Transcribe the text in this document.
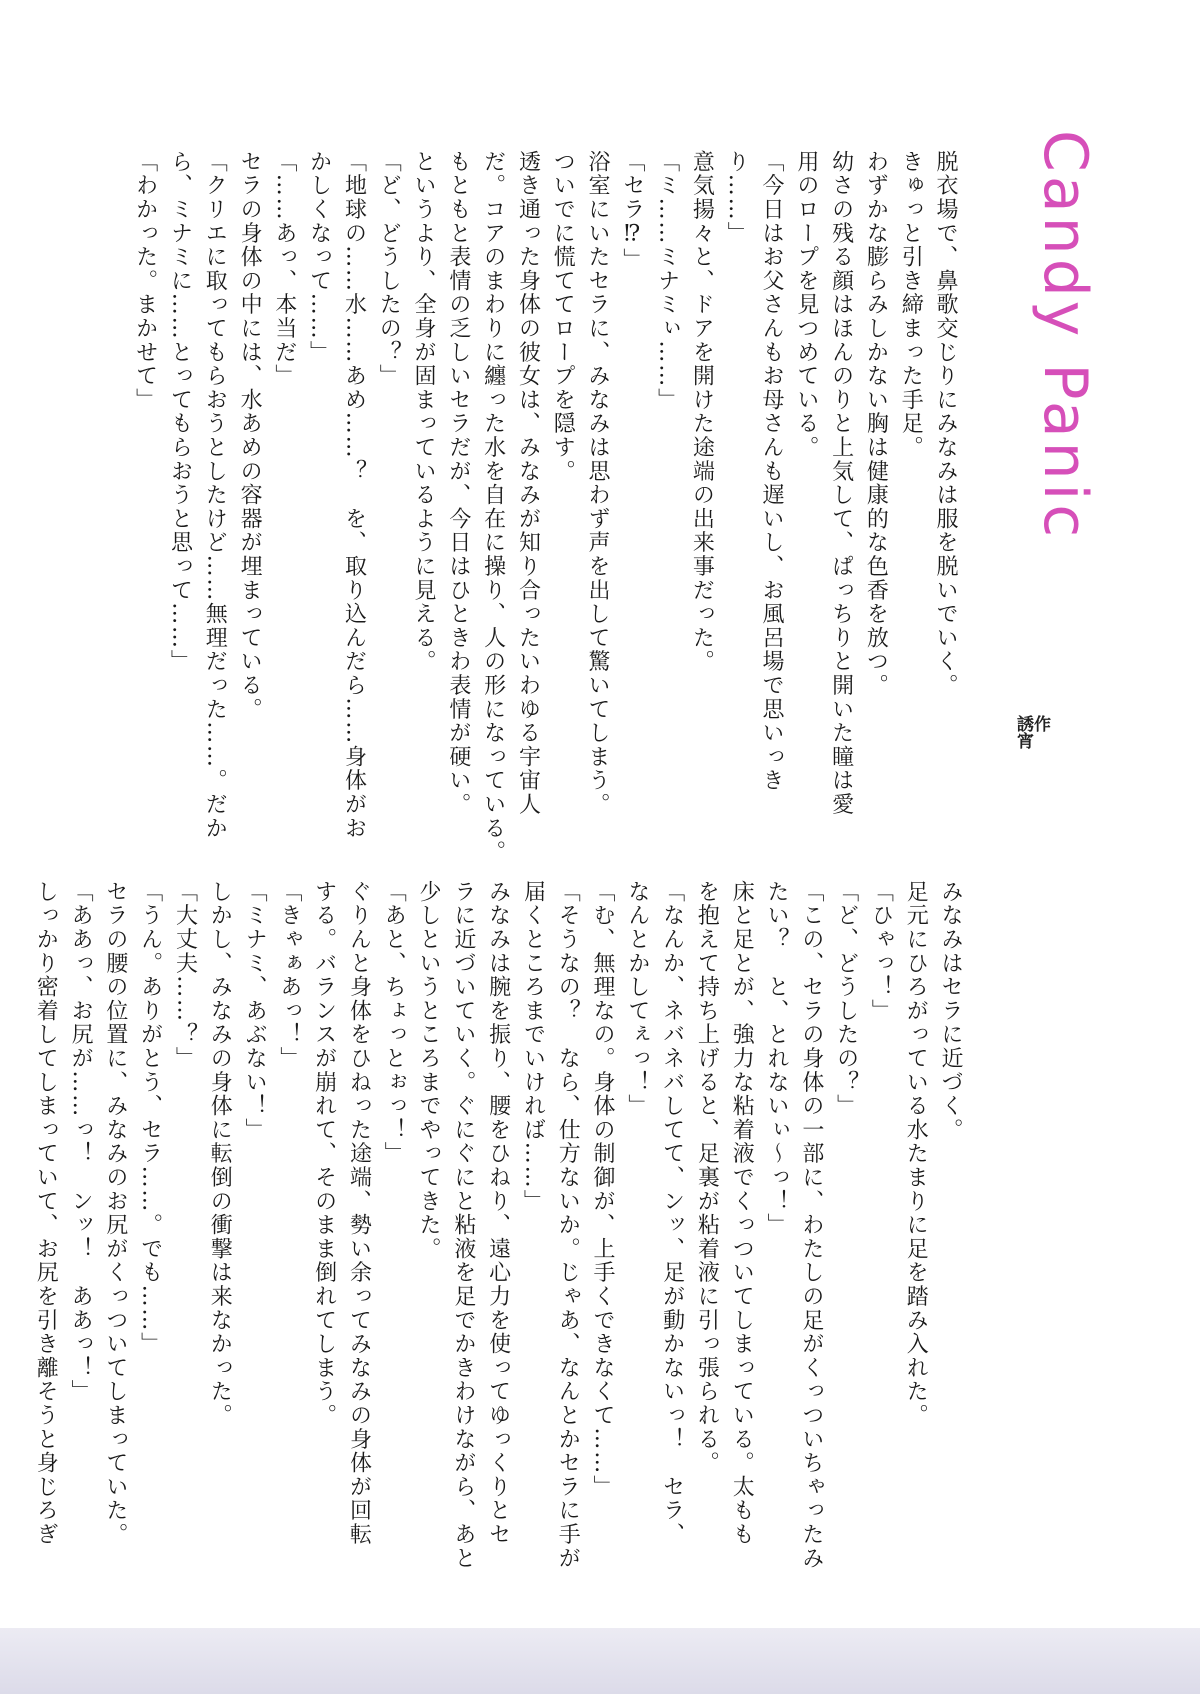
Candy Panic
作
誘宵

脱衣場で、鼻歌交じりにみなみは服を脱いでいく。

きゅっと引き締まった手足。

わずかな膨らみしかない胸は健康的な色香を放つ。

幼さの残る顔はほんのりと上気して、ぱっちりと開いた瞳は愛

用のロープを見つめている。

「今日はお父さんもお母さんも遅いし、お風呂場で思いっき

り……」

意気揚々と、ドアを開けた途端の出来事だった。

「ミ……ミナミぃ……」

「セラ⁉」

浴室にいたセラに、みなみは思わず声を出して驚いてしまう。

ついでに慌ててロープを隠す。

透き通った身体の彼女は、みなみが知り合ったいわゆる宇宙人

だ。コアのまわりに纏った水を自在に操り、人の形になっている。

もともと表情の乏しいセラだが、今日はひときわ表情が硬い。

というより、全身が固まっているように見える。

「ど、どうしたの？」

「地球の……水……あめ……？　を、取り込んだら……身体がお

かしくなって……」

「……あっ、本当だ」

セラの身体の中には、水あめの容器が埋まっている。

「クリエに取ってもらおうとしたけど……無理だった……。だか

ら、ミナミに……とってもらおうと思って……」

「わかった。まかせて」

みなみはセラに近づく。

足元にひろがっている水たまりに足を踏み入れた。

「ひゃっ！」

「ど、どうしたの？」

「この、セラの身体の一部に、わたしの足がくっついちゃったみ

たい？　と、とれないぃ〜っ！」

床と足とが、強力な粘着液でくっついてしまっている。太もも

を抱えて持ち上げると、足裏が粘着液に引っ張られる。

「なんか、ネバネバしてて、ンッ、足が動かないっ！　セラ、

なんとかしてぇっ！」

「む、無理なの。身体の制御が、上手くできなくて……」

「そうなの？　なら、仕方ないか。じゃあ、なんとかセラに手が

届くところまでいければ……」

みなみは腕を振り、腰をひねり、遠心力を使ってゆっくりとセ

ラに近づいていく。ぐにぐにと粘液を足でかきわけながら、あと

少しというところまでやってきた。

「あと、ちょっとぉっ！」

ぐりんと身体をひねった途端、勢い余ってみなみの身体が回転

する。バランスが崩れて、そのまま倒れてしまう。

「きゃぁあっ！」

「ミナミ、あぶない！」

しかし、みなみの身体に転倒の衝撃は来なかった。

「大丈夫……？」

「うん。ありがとう、セラ……。でも……」

セラの腰の位置に、みなみのお尻がくっついてしまっていた。

「ああっ、お尻が……っ！　ンッ！　ああっ！」

しっかり密着してしまっていて、お尻を引き離そうと身じろぎ
